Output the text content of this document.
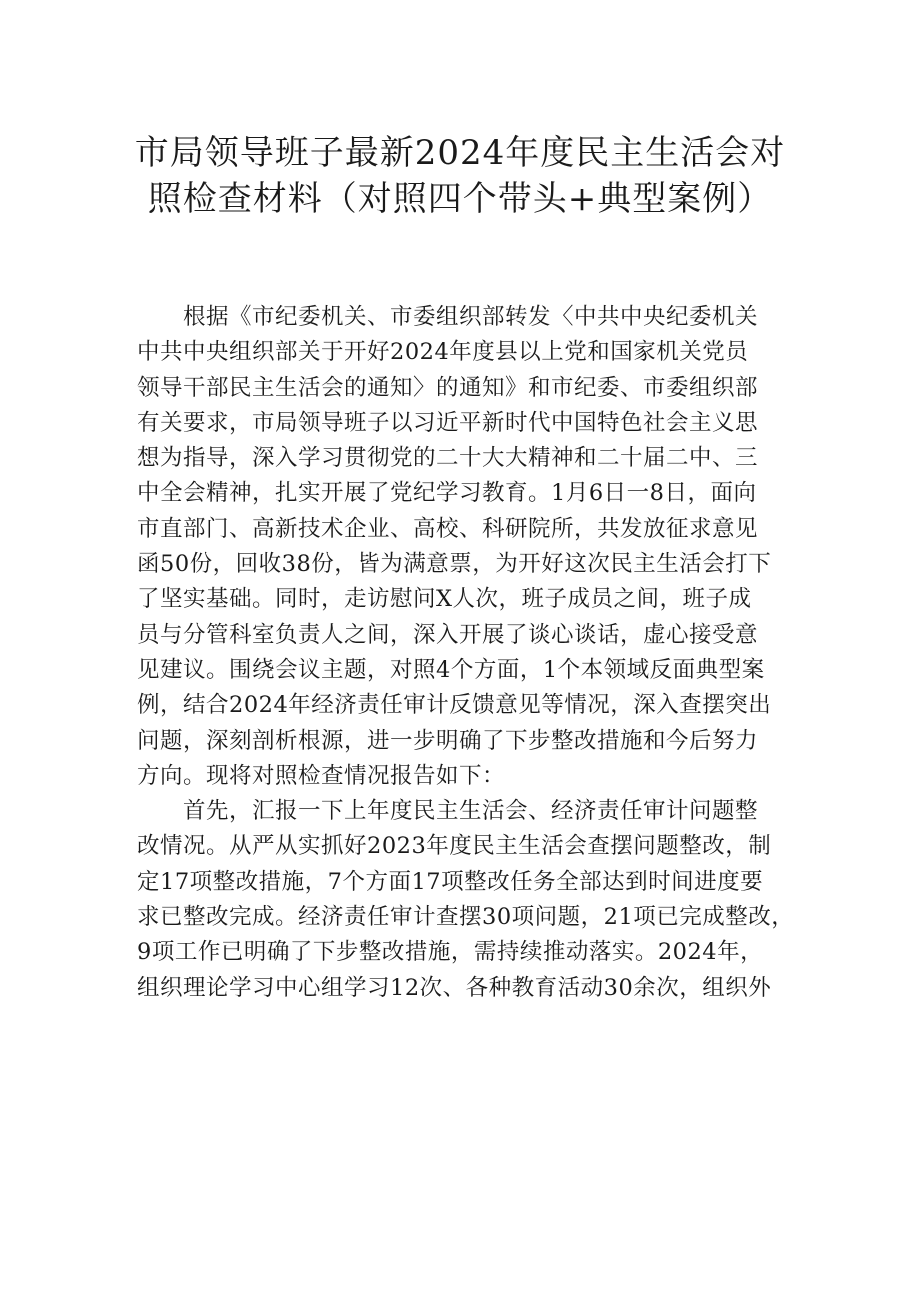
市局领导班子最新2024年度民主生活会对
照检查材料（对照四个带头+典型案例）

根据《市纪委机关、市委组织部转发〈中共中央纪委机关
中共中央组织部关于开好2024年度县以上党和国家机关党员
领导干部民主生活会的通知〉的通知》和市纪委、市委组织部
有关要求，市局领导班子以习近平新时代中国特色社会主义思
想为指导，深入学习贯彻党的二十大大精神和二十届二中、三
中全会精神，扎实开展了党纪学习教育。1月6日一8日，面向
市直部门、高新技术企业、高校、科研院所，共发放征求意见
函50份，回收38份，皆为满意票，为开好这次民主生活会打下
了坚实基础。同时，走访慰问X人次，班子成员之间，班子成
员与分管科室负责人之间，深入开展了谈心谈话，虚心接受意
见建议。围绕会议主题，对照4个方面，1个本领域反面典型案
例，结合2024年经济责任审计反馈意见等情况，深入查摆突出
问题，深刻剖析根源，进一步明确了下步整改措施和今后努力
方向。现将对照检查情况报告如下：

首先，汇报一下上年度民主生活会、经济责任审计问题整
改情况。从严从实抓好2023年度民主生活会查摆问题整改，制
定17项整改措施，7个方面17项整改任务全部达到时间进度要
求已整改完成。经济责任审计查摆30项问题，21项已完成整改，
9项工作已明确了下步整改措施，需持续推动落实。2024年，
组织理论学习中心组学习12次、各种教育活动30余次，组织外
